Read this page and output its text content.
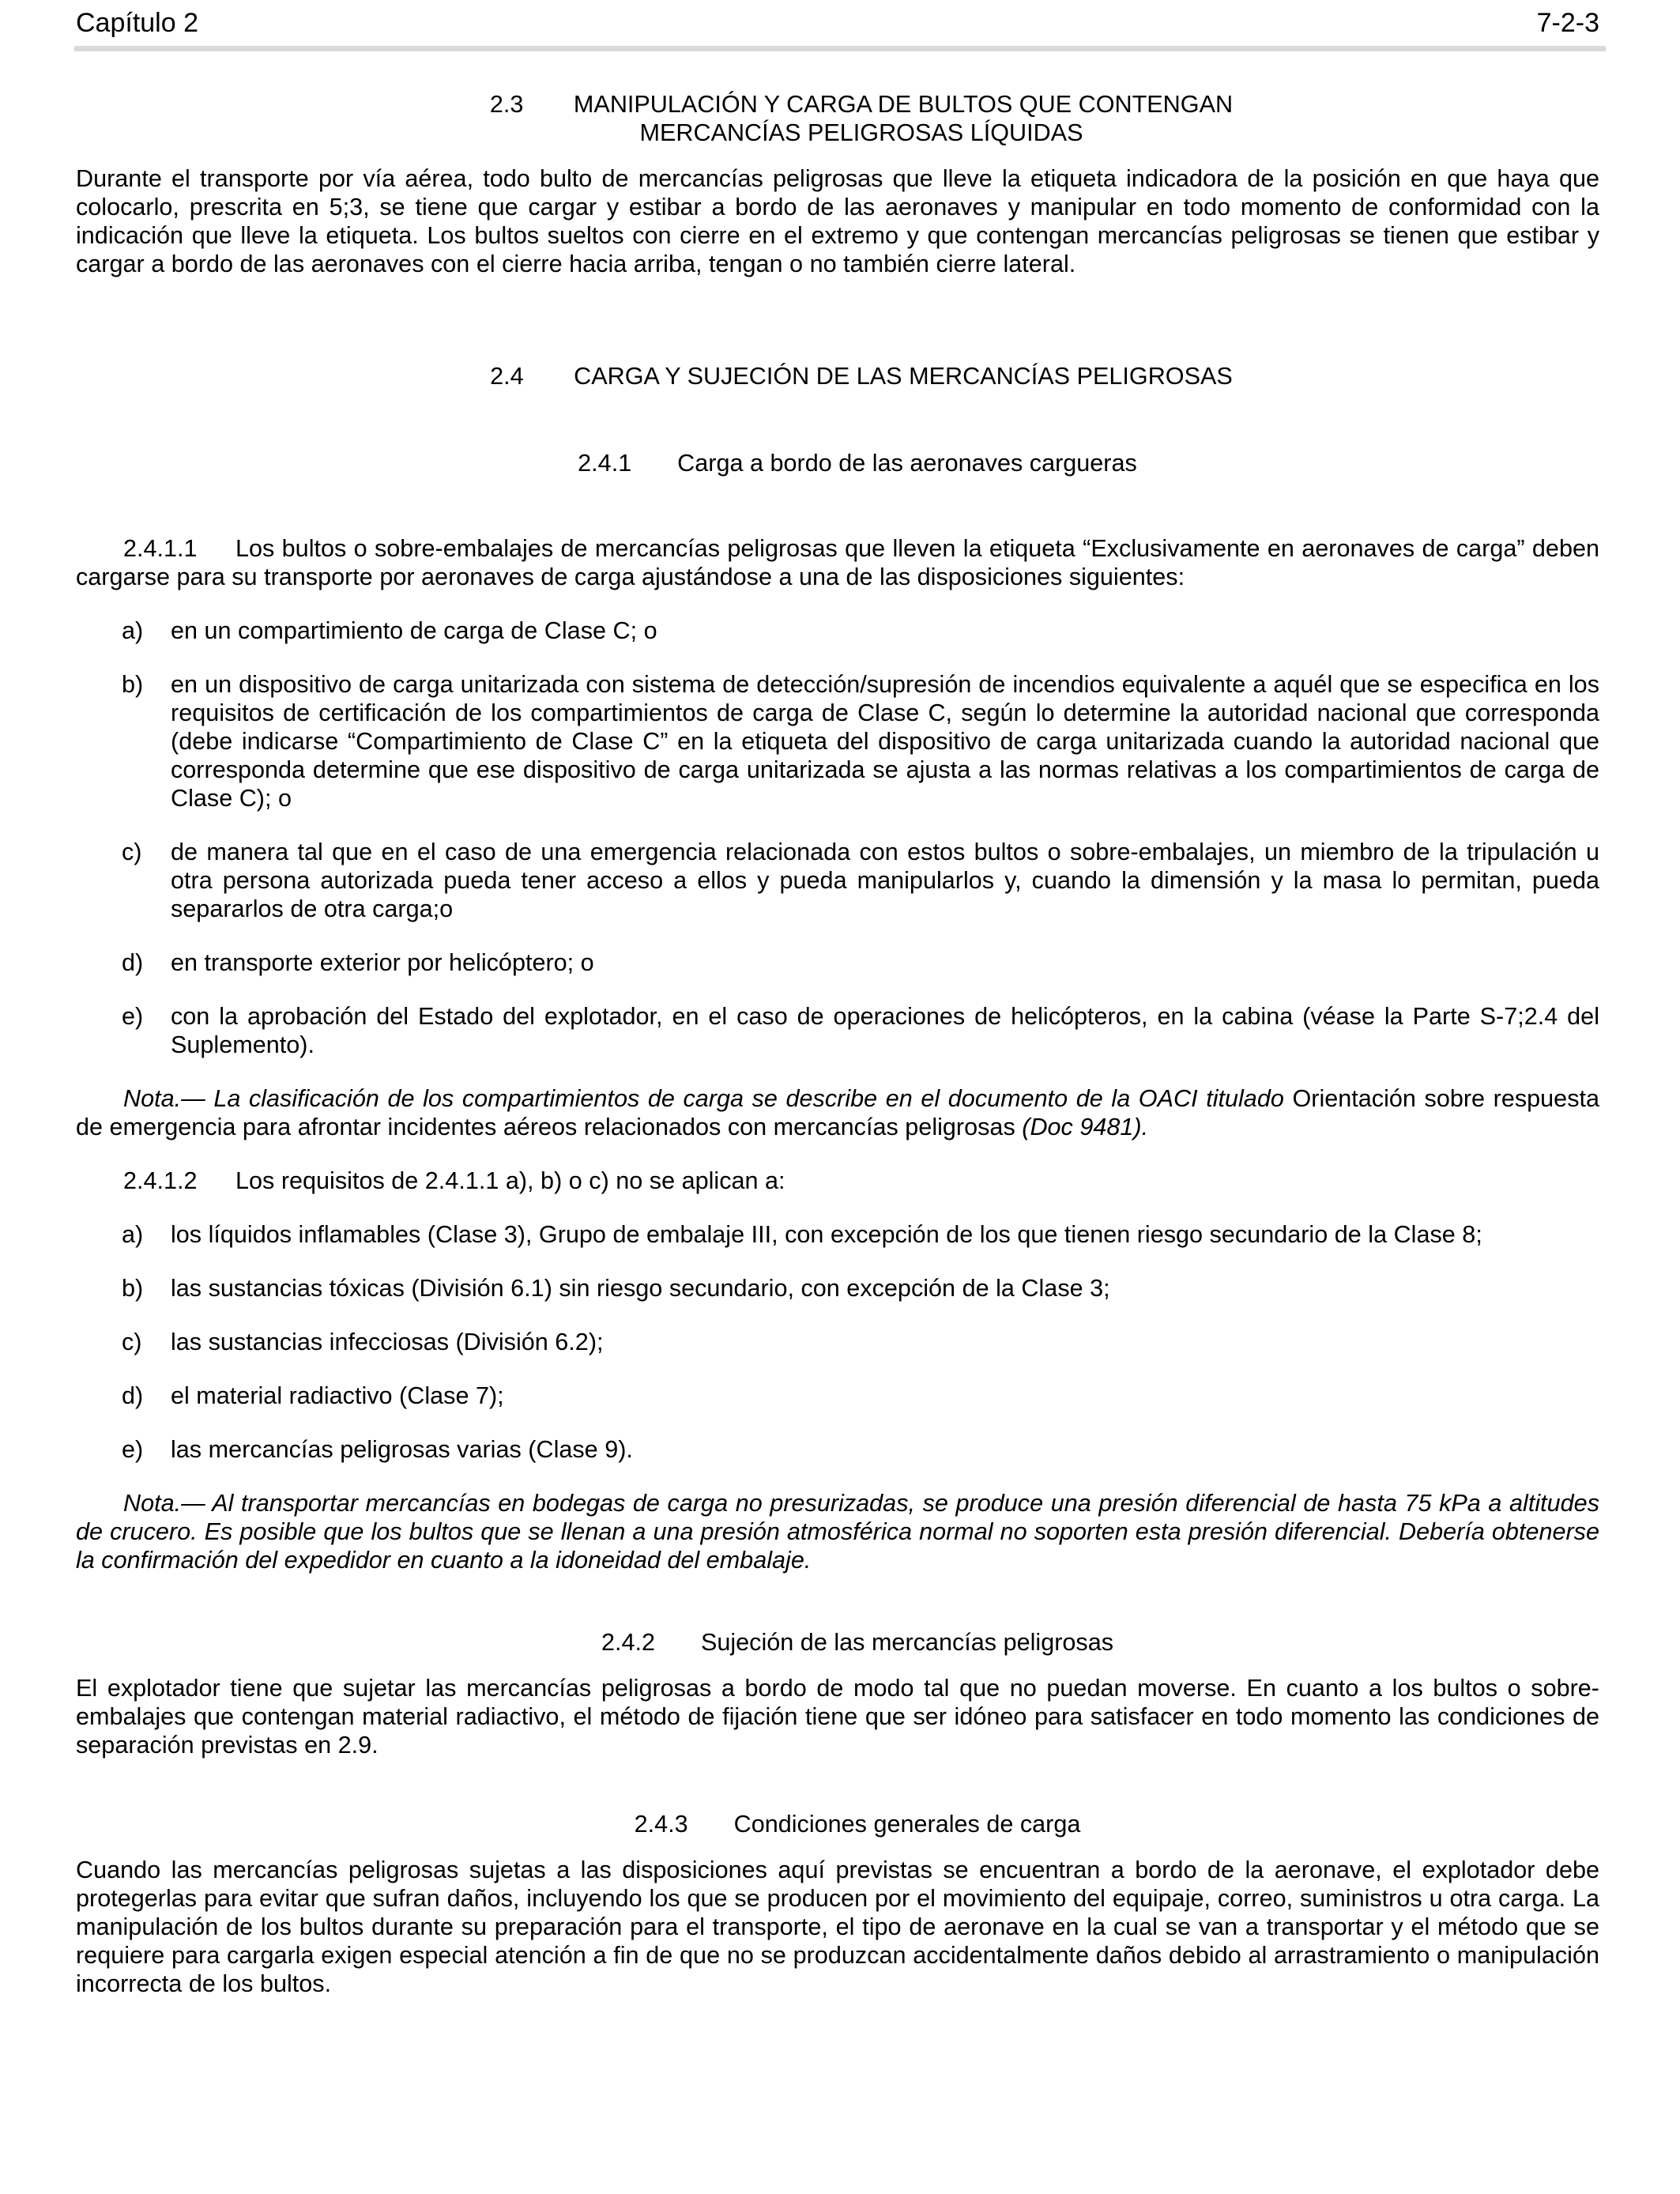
Capítulo 2	7-2-3
2.3 MANIPULACIÓN Y CARGA DE BULTOS QUE CONTENGAN
MERCANCÍAS PELIGROSAS LÍQUIDAS

Durante el transporte por vía aérea, todo bulto de mercancías peligrosas que lleve la etiqueta indicadora de la posición en que haya que colocarlo, prescrita en 5;3, se tiene que cargar y estibar a bordo de las aeronaves y manipular en todo momento de conformidad con la indicación que lleve la etiqueta. Los bultos sueltos con cierre en el extremo y que contengan mercancías peligrosas se tienen que estibar y cargar a bordo de las aeronaves con el cierre hacia arriba, tengan o no también cierre lateral.

2.4 CARGA Y SUJECIÓN DE LAS MERCANCÍAS PELIGROSAS
2.4.1 Carga a bordo de las aeronaves cargueras

2.4.1.1 Los bultos o sobre-embalajes de mercancías peligrosas que lleven la etiqueta “Exclusivamente en aeronaves de carga” deben cargarse para su transporte por aeronaves de carga ajustándose a una de las disposiciones siguientes:

a) en un compartimiento de carga de Clase C; o
b) en un dispositivo de carga unitarizada con sistema de detección/supresión de incendios equivalente a aquél que se especifica en los requisitos de certificación de los compartimientos de carga de Clase C, según lo determine la autoridad nacional que corresponda (debe indicarse “Compartimiento de Clase C” en la etiqueta del dispositivo de carga unitarizada cuando la autoridad nacional que corresponda determine que ese dispositivo de carga unitarizada se ajusta a las normas relativas a los compartimientos de carga de Clase C); o
c) de manera tal que en el caso de una emergencia relacionada con estos bultos o sobre-embalajes, un miembro de la tripulación u otra persona autorizada pueda tener acceso a ellos y pueda manipularlos y, cuando la dimensión y la masa lo permitan, pueda separarlos de otra carga;o
d) en transporte exterior por helicóptero; o
e) con la aprobación del Estado del explotador, en el caso de operaciones de helicópteros, en la cabina (véase la Parte S-7;2.4 del Suplemento).

Nota.— La clasificación de los compartimientos de carga se describe en el documento de la OACI titulado Orientación sobre respuesta de emergencia para afrontar incidentes aéreos relacionados con mercancías peligrosas (Doc 9481).

2.4.1.2 Los requisitos de 2.4.1.1 a), b) o c) no se aplican a:

a) los líquidos inflamables (Clase 3), Grupo de embalaje III, con excepción de los que tienen riesgo secundario de la Clase 8;
b) las sustancias tóxicas (División 6.1) sin riesgo secundario, con excepción de la Clase 3;
c) las sustancias infecciosas (División 6.2);
d) el material radiactivo (Clase 7);
e) las mercancías peligrosas varias (Clase 9).

Nota.— Al transportar mercancías en bodegas de carga no presurizadas, se produce una presión diferencial de hasta 75 kPa a altitudes de crucero. Es posible que los bultos que se llenan a una presión atmosférica normal no soporten esta presión diferencial. Debería obtenerse la confirmación del expedidor en cuanto a la idoneidad del embalaje.

2.4.2 Sujeción de las mercancías peligrosas

El explotador tiene que sujetar las mercancías peligrosas a bordo de modo tal que no puedan moverse. En cuanto a los bultos o sobre-embalajes que contengan material radiactivo, el método de fijación tiene que ser idóneo para satisfacer en todo momento las condiciones de separación previstas en 2.9.

2.4.3 Condiciones generales de carga

Cuando las mercancías peligrosas sujetas a las disposiciones aquí previstas se encuentran a bordo de la aeronave, el explotador debe protegerlas para evitar que sufran daños, incluyendo los que se producen por el movimiento del equipaje, correo, suministros u otra carga. La manipulación de los bultos durante su preparación para el transporte, el tipo de aeronave en la cual se van a transportar y el método que se requiere para cargarla exigen especial atención a fin de que no se produzcan accidentalmente daños debido al arrastramiento o manipulación incorrecta de los bultos.
